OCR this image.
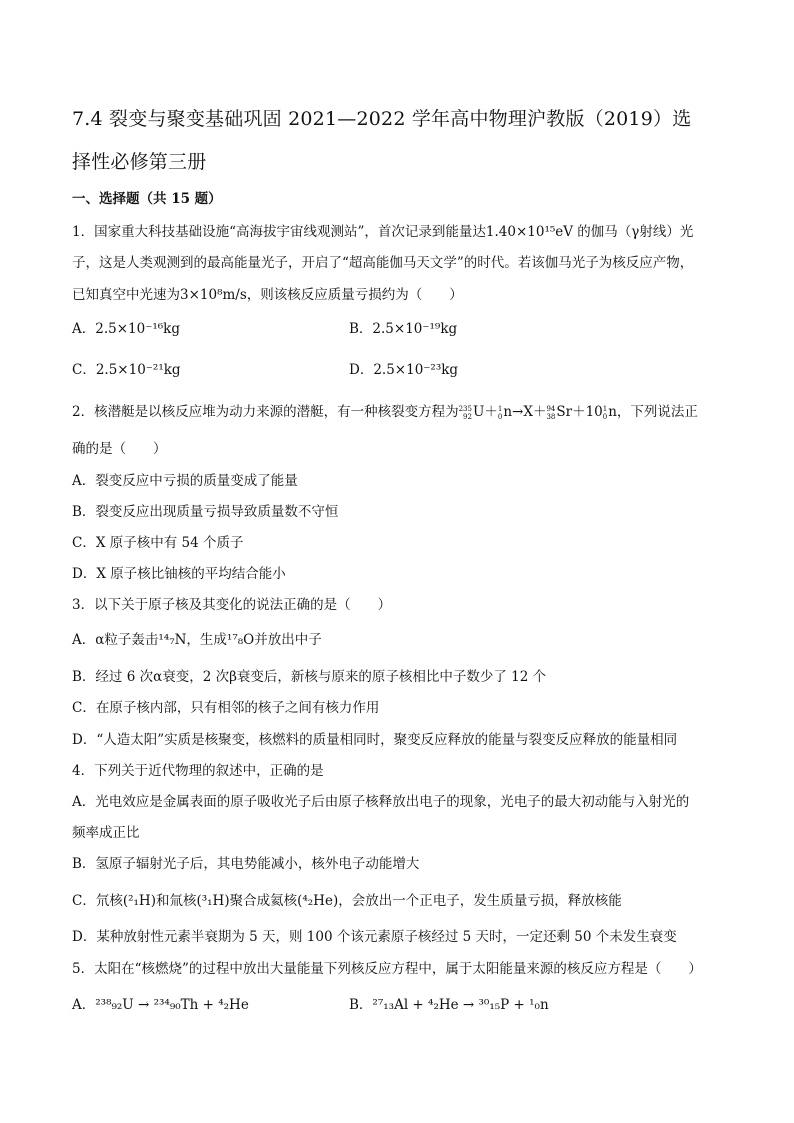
7.4 裂变与聚变基础巩固 2021—2022 学年高中物理沪教版（2019）选
择性必修第三册
一、选择题（共 15 题）
1．国家重大科技基础设施“高海拔宇宙线观测站”，首次记录到能量达1.40×10¹⁵eV 的伽马（γ射线）光
子，这是人类观测到的最高能量光子，开启了“超高能伽马天文学”的时代。若该伽马光子为核反应产物，
已知真空中光速为3×10⁸m/s，则该核反应质量亏损约为（　　）
A．2.5×10⁻¹⁶kg	B．2.5×10⁻¹⁹kg
C．2.5×10⁻²¹kg	D．2.5×10⁻²³kg
2．核潜艇是以核反应堆为动力来源的潜艇，有一种核裂变方程为 235
92 U＋ 1
0 n→X＋ 94
38 Sr＋10 1
0 n，下列说法正
确的是（　　）
A．裂变反应中亏损的质量变成了能量
B．裂变反应出现质量亏损导致质量数不守恒
C．X 原子核中有 54 个质子
D．X 原子核比铀核的平均结合能小
3．以下关于原子核及其变化的说法正确的是（　　）
A．α粒子轰击¹⁴₇N，生成¹⁷₈O并放出中子
B．经过 6 次α衰变，2 次β衰变后，新核与原来的原子核相比中子数少了 12 个
C．在原子核内部，只有相邻的核子之间有核力作用
D．“人造太阳”实质是核聚变，核燃料的质量相同时，聚变反应释放的能量与裂变反应释放的能量相同
4．下列关于近代物理的叙述中，正确的是
A．光电效应是金属表面的原子吸收光子后由原子核释放出电子的现象，光电子的最大初动能与入射光的
频率成正比
B．氢原子辐射光子后，其电势能减小，核外电子动能增大
C．氘核(²₁H)和氚核(³₁H)聚合成氦核(⁴₂He)，会放出一个正电子，发生质量亏损，释放核能
D．某种放射性元素半衰期为 5 天，则 100 个该元素原子核经过 5 天时，一定还剩 50 个未发生衰变
5．太阳在“核燃烧”的过程中放出大量能量下列核反应方程中，属于太阳能量来源的核反应方程是（　　）
A．²³⁸₉₂U → ²³⁴₉₀Th + ⁴₂He	B．²⁷₁₃Al + ⁴₂He → ³⁰₁₅P + ¹₀n
